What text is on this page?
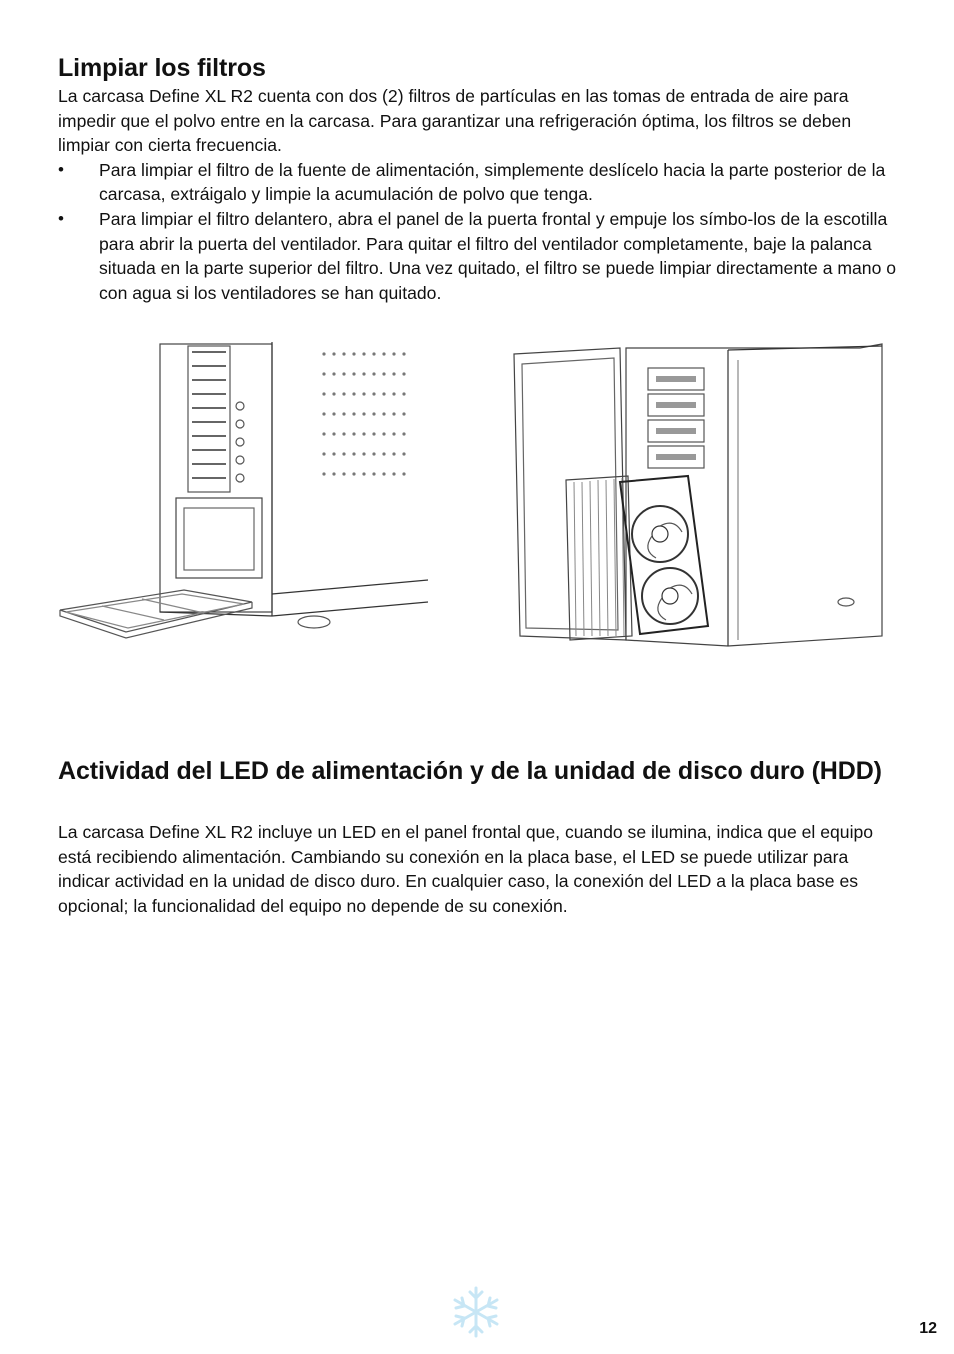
Limpiar los filtros

La carcasa Define XL R2 cuenta con dos (2) filtros de partículas en las tomas de entrada de aire para impedir que el polvo entre en la carcasa. Para garantizar una refrigeración óptima, los filtros se deben limpiar con cierta frecuencia.

• Para limpiar el filtro de la fuente de alimentación, simplemente deslícelo hacia la parte posterior de la carcasa, extráigalo y limpie la acumulación de polvo que tenga.
• Para limpiar el filtro delantero, abra el panel de la puerta frontal y empuje los símbo-los de la escotilla para abrir la puerta del ventilador. Para quitar el filtro del ventilador completamente, baje la palanca situada en la parte superior del filtro. Una vez quitado, el filtro se puede limpiar directamente a mano o con agua si los ventiladores se han quitado.
Actividad del LED de alimentación y de la unidad de disco duro (HDD)

La carcasa Define XL R2 incluye un LED en el panel frontal que, cuando se ilumina, indica que el equipo está recibiendo alimentación. Cambiando su conexión en la placa base, el LED se puede utilizar para indicar actividad en la unidad de disco duro. En cualquier caso, la conexión del LED a la placa base es opcional; la funcionalidad del equipo no depende de su conexión.

12
